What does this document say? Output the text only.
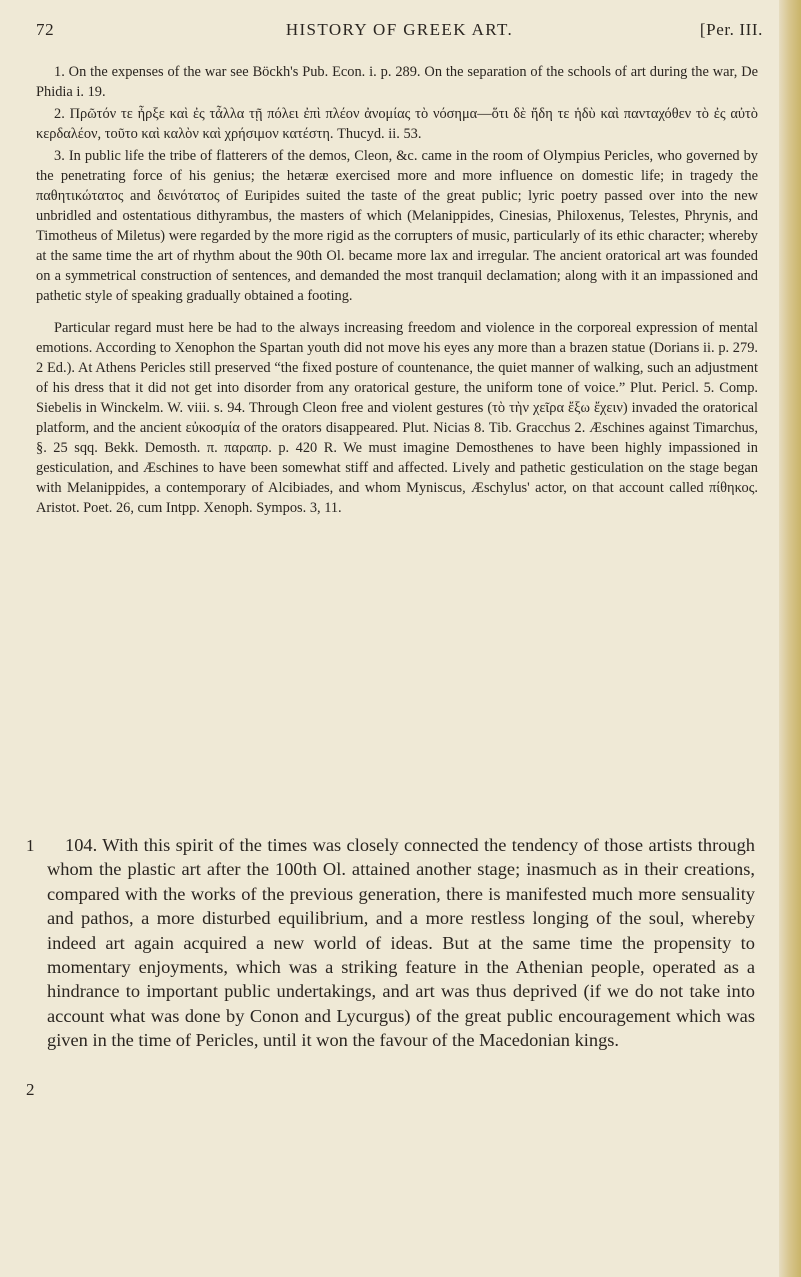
72	HISTORY OF GREEK ART.	[Per. III.

1. On the expenses of the war see Böckh's Pub. Econ. i. p. 289. On the separation of the schools of art during the war, De Phidia i. 19.

2. Πρῶτόν τε ἦρξε καὶ ἐς τἆλλα τῇ πόλει ἐπὶ πλέον ἀνομίας τὸ νόσημα—ὅτι δὲ ἤδη τε ἡδὺ καὶ πανταχόθεν τὸ ἐς αὐτὸ κερδαλέον, τοῦτο καὶ καλὸν καὶ χρήσιμον κατέστη. Thucyd. ii. 53.

3. In public life the tribe of flatterers of the demos, Cleon, &c. came in the room of Olympius Pericles, who governed by the penetrating force of his genius; the hetæræ exercised more and more influence on domestic life; in tragedy the παθητικώτατος and δεινότατος of Euripides suited the taste of the great public; lyric poetry passed over into the new unbridled and ostentatious dithyrambus, the masters of which (Melanippides, Cinesias, Philoxenus, Telestes, Phrynis, and Timotheus of Miletus) were regarded by the more rigid as the corrupters of music, particularly of its ethic character; whereby at the same time the art of rhythm about the 90th Ol. became more lax and irregular. The ancient oratorical art was founded on a symmetrical construction of sentences, and demanded the most tranquil declamation; along with it an impassioned and pathetic style of speaking gradually obtained a footing.

Particular regard must here be had to the always increasing freedom and violence in the corporeal expression of mental emotions. According to Xenophon the Spartan youth did not move his eyes any more than a brazen statue (Dorians ii. p. 279. 2 Ed.). At Athens Pericles still preserved “the fixed posture of countenance, the quiet manner of walking, such an adjustment of his dress that it did not get into disorder from any oratorical gesture, the uniform tone of voice.” Plut. Pericl. 5. Comp. Siebelis in Winckelm. W. viii. s. 94. Through Cleon free and violent gestures (τὸ τὴν χεῖρα ἔξω ἔχειν) invaded the oratorical platform, and the ancient εὐκοσμία of the orators disappeared. Plut. Nicias 8. Tib. Gracchus 2. Æschines against Timarchus, §. 25 sqq. Bekk. Demosth. π. παραπρ. p. 420 R. We must imagine Demosthenes to have been highly impassioned in gesticulation, and Æschines to have been somewhat stiff and affected. Lively and pathetic gesticulation on the stage began with Melanippides, a contemporary of Alcibiades, and whom Myniscus, Æschylus' actor, on that account called πίθηκος. Aristot. Poet. 26, cum Intpp. Xenoph. Sympos. 3, 11.

1
2

104. With this spirit of the times was closely connected the tendency of those artists through whom the plastic art after the 100th Ol. attained another stage; inasmuch as in their creations, compared with the works of the previous generation, there is manifested much more sensuality and pathos, a more disturbed equilibrium, and a more restless longing of the soul, whereby indeed art again acquired a new world of ideas. But at the same time the propensity to momentary enjoyments, which was a striking feature in the Athenian people, operated as a hindrance to important public undertakings, and art was thus deprived (if we do not take into account what was done by Conon and Lycurgus) of the great public encouragement which was given in the time of Pericles, until it won the favour of the Macedonian kings.
